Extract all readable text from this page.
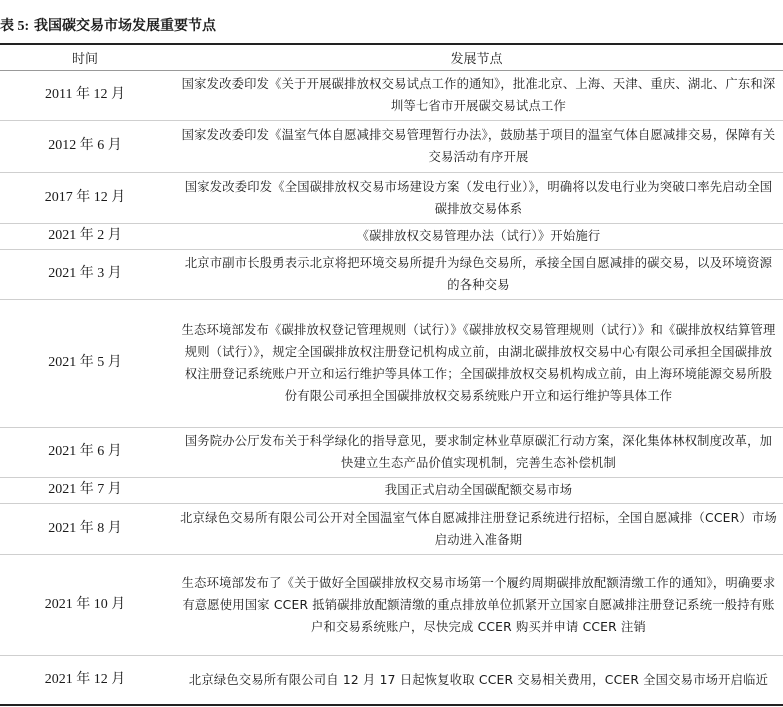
表 5: 我国碳交易市场发展重要节点
时间	发展节点
2011 年 12 月	国家发改委印发《关于开展碳排放权交易试点工作的通知》，批准北京、上海、天津、重庆、湖北、广东和深圳等七省市开展碳交易试点工作
2012 年 6 月	国家发改委印发《温室气体自愿减排交易管理暂行办法》，鼓励基于项目的温室气体自愿减排交易，保障有关交易活动有序开展
2017 年 12 月	国家发改委印发《全国碳排放权交易市场建设方案（发电行业）》，明确将以发电行业为突破口率先启动全国碳排放交易体系
2021 年 2 月	《碳排放权交易管理办法（试行）》开始施行
2021 年 3 月	北京市副市长殷勇表示北京将把环境交易所提升为绿色交易所，承接全国自愿减排的碳交易，以及环境资源的各种交易
2021 年 5 月	生态环境部发布《碳排放权登记管理规则（试行）》《碳排放权交易管理规则（试行）》和《碳排放权结算管理规则（试行）》，规定全国碳排放权注册登记机构成立前，由湖北碳排放权交易中心有限公司承担全国碳排放权注册登记系统账户开立和运行维护等具体工作；全国碳排放权交易机构成立前，由上海环境能源交易所股份有限公司承担全国碳排放权交易系统账户开立和运行维护等具体工作
2021 年 6 月	国务院办公厅发布关于科学绿化的指导意见，要求制定林业草原碳汇行动方案，深化集体林权制度改革，加快建立生态产品价值实现机制，完善生态补偿机制
2021 年 7 月	我国正式启动全国碳配额交易市场
2021 年 8 月	北京绿色交易所有限公司公开对全国温室气体自愿减排注册登记系统进行招标，全国自愿减排（CCER）市场启动进入准备期
2021 年 10 月	生态环境部发布了《关于做好全国碳排放权交易市场第一个履约周期碳排放配额清缴工作的通知》，明确要求有意愿使用国家 CCER 抵销碳排放配额清缴的重点排放单位抓紧开立国家自愿减排注册登记系统一般持有账户和交易系统账户，尽快完成 CCER 购买并申请 CCER 注销
2021 年 12 月	北京绿色交易所有限公司自 12 月 17 日起恢复收取 CCER 交易相关费用，CCER 全国交易市场开启临近
